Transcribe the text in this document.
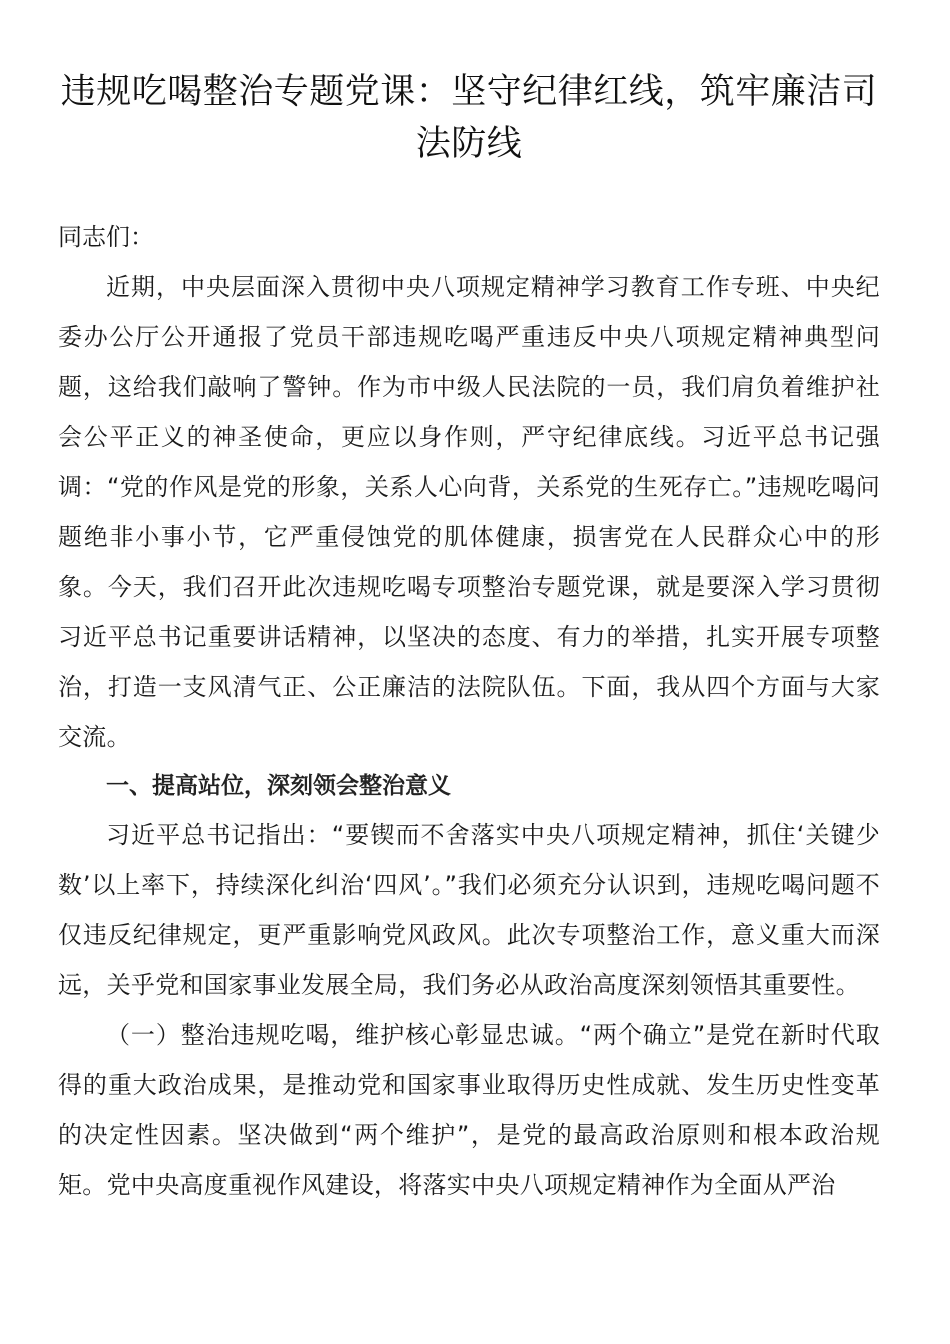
违规吃喝整治专题党课：坚守纪律红线，筑牢廉洁司
法防线

同志们：

近期，中央层面深入贯彻中央八项规定精神学习教育工作专班、中央纪委办公厅公开通报了党员干部违规吃喝严重违反中央八项规定精神典型问题，这给我们敲响了警钟。作为市中级人民法院的一员，我们肩负着维护社会公平正义的神圣使命，更应以身作则，严守纪律底线。习近平总书记强调：“党的作风是党的形象，关系人心向背，关系党的生死存亡。”违规吃喝问题绝非小事小节，它严重侵蚀党的肌体健康，损害党在人民群众心中的形象。今天，我们召开此次违规吃喝专项整治专题党课，就是要深入学习贯彻习近平总书记重要讲话精神，以坚决的态度、有力的举措，扎实开展专项整治，打造一支风清气正、公正廉洁的法院队伍。下面，我从四个方面与大家交流。

一、提高站位，深刻领会整治意义

习近平总书记指出：“要锲而不舍落实中央八项规定精神，抓住‘关键少数’以上率下，持续深化纠治‘四风’。”我们必须充分认识到，违规吃喝问题不仅违反纪律规定，更严重影响党风政风。此次专项整治工作，意义重大而深远，关乎党和国家事业发展全局，我们务必从政治高度深刻领悟其重要性。

（一）整治违规吃喝，维护核心彰显忠诚。“两个确立”是党在新时代取得的重大政治成果，是推动党和国家事业取得历史性成就、发生历史性变革的决定性因素。坚决做到“两个维护”，是党的最高政治原则和根本政治规矩。党中央高度重视作风建设，将落实中央八项规定精神作为全面从严治
